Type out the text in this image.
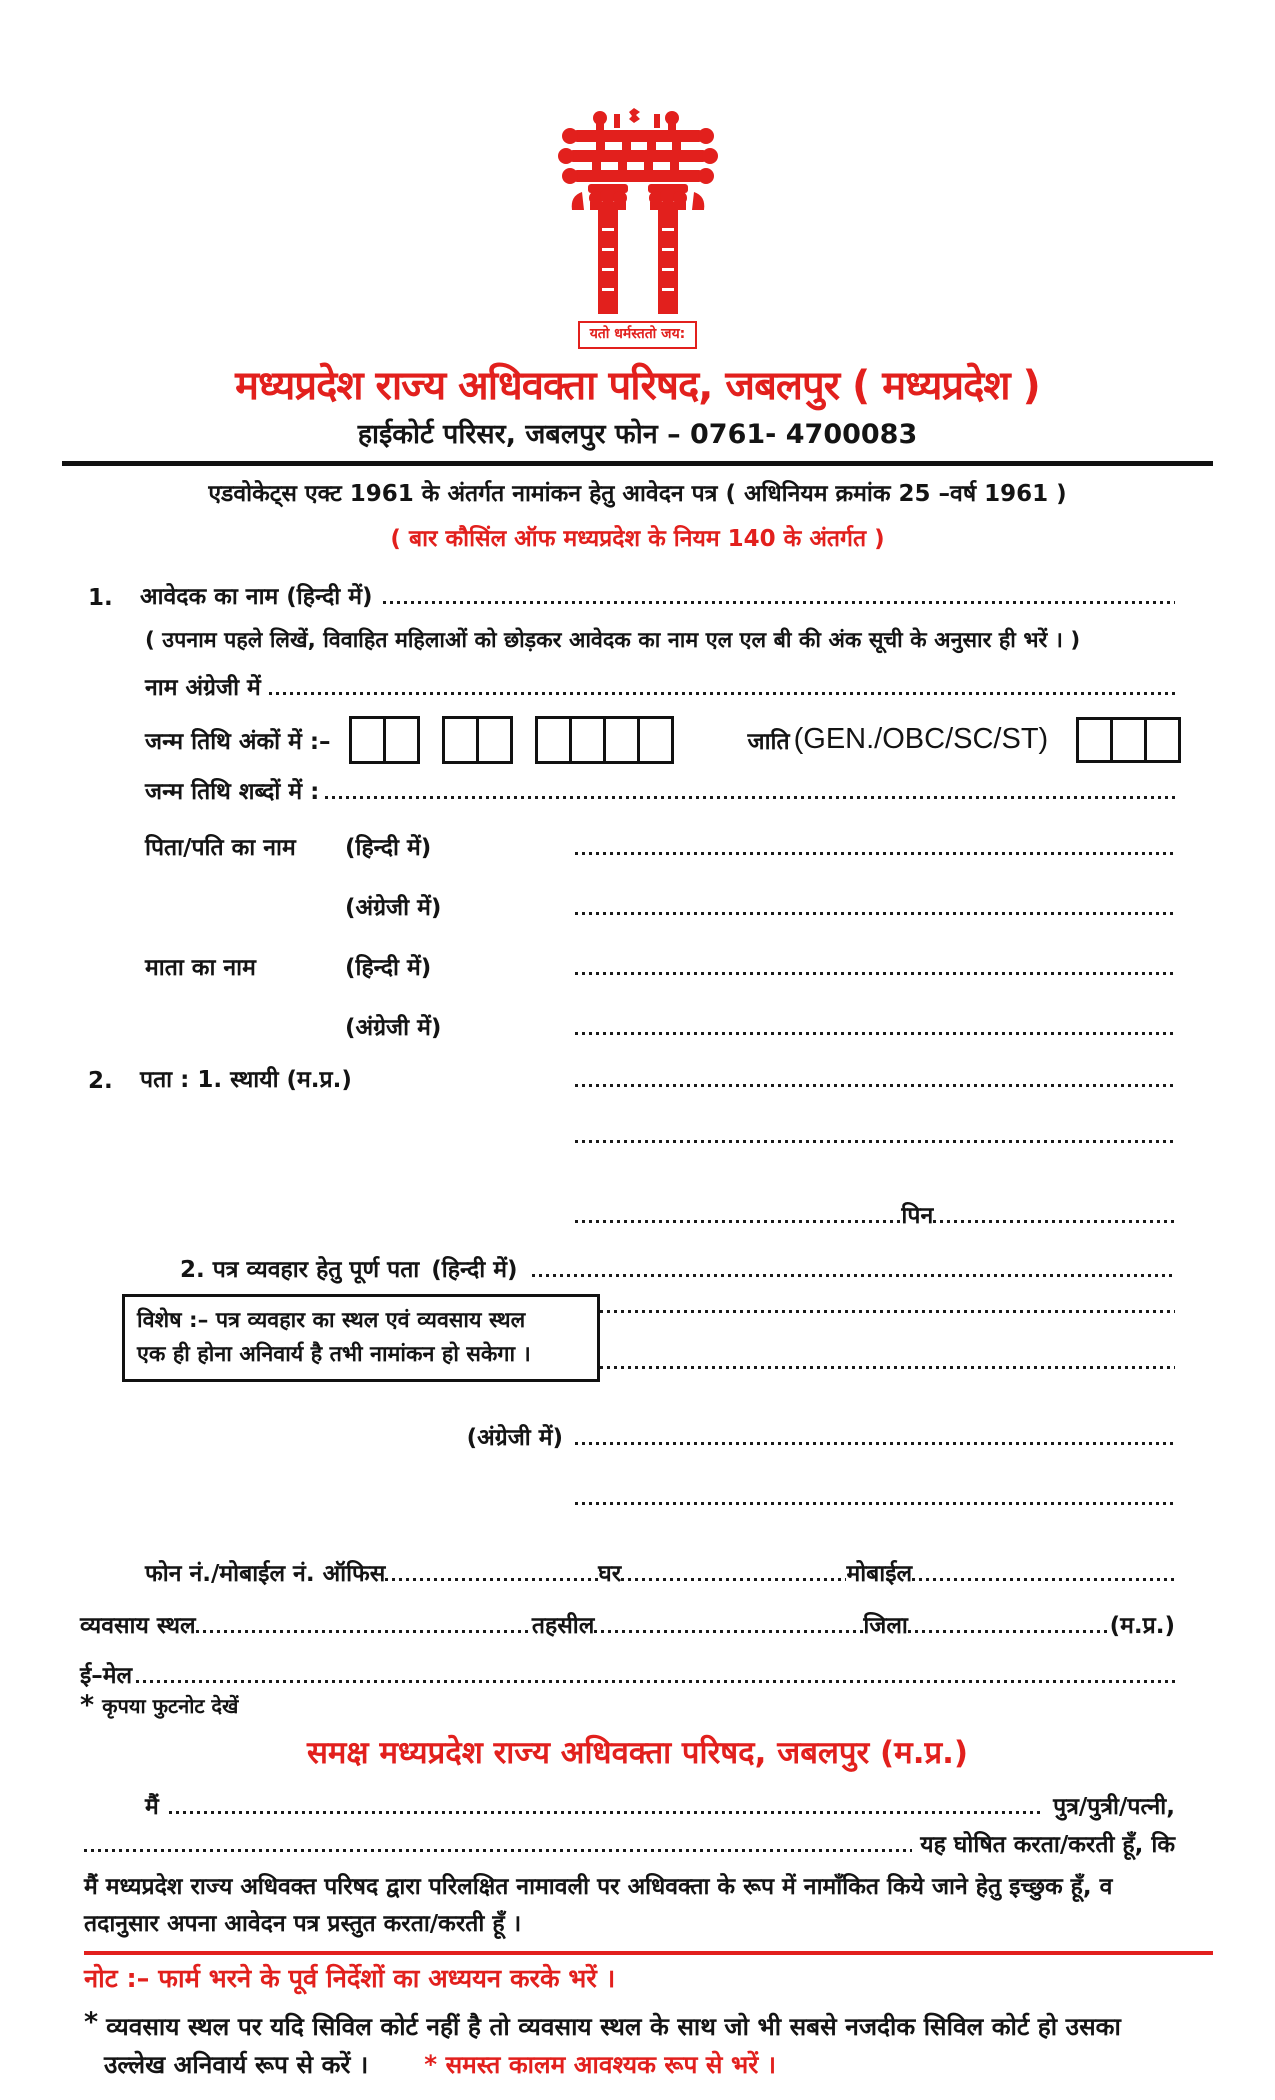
यतो धर्मस्ततो जय:
मध्यप्रदेश राज्य अधिवक्ता परिषद, जबलपुर ( मध्यप्रदेश )
हाईकोर्ट परिसर, जबलपुर फोन – 0761- 4700083
एडवोकेट्स एक्ट 1961 के अंतर्गत नामांकन हेतु आवेदन पत्र ( अधिनियम क्रमांक 25 –वर्ष 1961 )
( बार कौसिंल ऑफ मध्यप्रदेश के नियम 140 के अंतर्गत )
1.	आवेदक का नाम (हिन्दी में)
( उपनाम पहले लिखें, विवाहित महिलाओं को छोड़कर आवेदक का नाम एल एल बी की अंक सूची के अनुसार ही भरें । )
नाम अंग्रेजी में
जन्म तिथि अंकों में :–	जाति (GEN./OBC/SC/ST)
जन्म तिथि शब्दों में :
पिता/पति का नाम	(हिन्दी में)
(अंग्रेजी में)
माता का नाम	(हिन्दी में)
(अंग्रेजी में)
2.	पता : 1. स्थायी (म.प्र.)
पिन
2. पत्र व्यवहार हेतु पूर्ण पता (हिन्दी में)
विशेष :– पत्र व्यवहार का स्थल एवं व्यवसाय स्थल
एक ही होना अनिवार्य है तभी नामांकन हो सकेगा ।
(अंग्रेजी में)
फोन नं./मोबाईल नं. ऑफिस	घर	मोबाईल
व्यवसाय स्थल	तहसील	जिला	(म.प्र.)
ई–मेल
* कृपया फुटनोट देखें
समक्ष मध्यप्रदेश राज्य अधिवक्ता परिषद, जबलपुर (म.प्र.)
मैं	पुत्र/पुत्री/पत्नी,
यह घोषित करता/करती हूँ, कि
मैं मध्यप्रदेश राज्य अधिवक्त परिषद द्वारा परिलक्षित नामावली पर अधिवक्ता के रूप में नामाँकित किये जाने हेतु इच्छुक हूँ, व
तदानुसार अपना आवेदन पत्र प्रस्तुत करता/करती हूँ ।
नोट :– फार्म भरने के पूर्व निर्देशों का अध्ययन करके भरें ।
* व्यवसाय स्थल पर यदि सिविल कोर्ट नहीं है तो व्यवसाय स्थल के साथ जो भी सबसे नजदीक सिविल कोर्ट हो उसका
उल्लेख अनिवार्य रूप से करें । * समस्त कालम आवश्यक रूप से भरें ।
